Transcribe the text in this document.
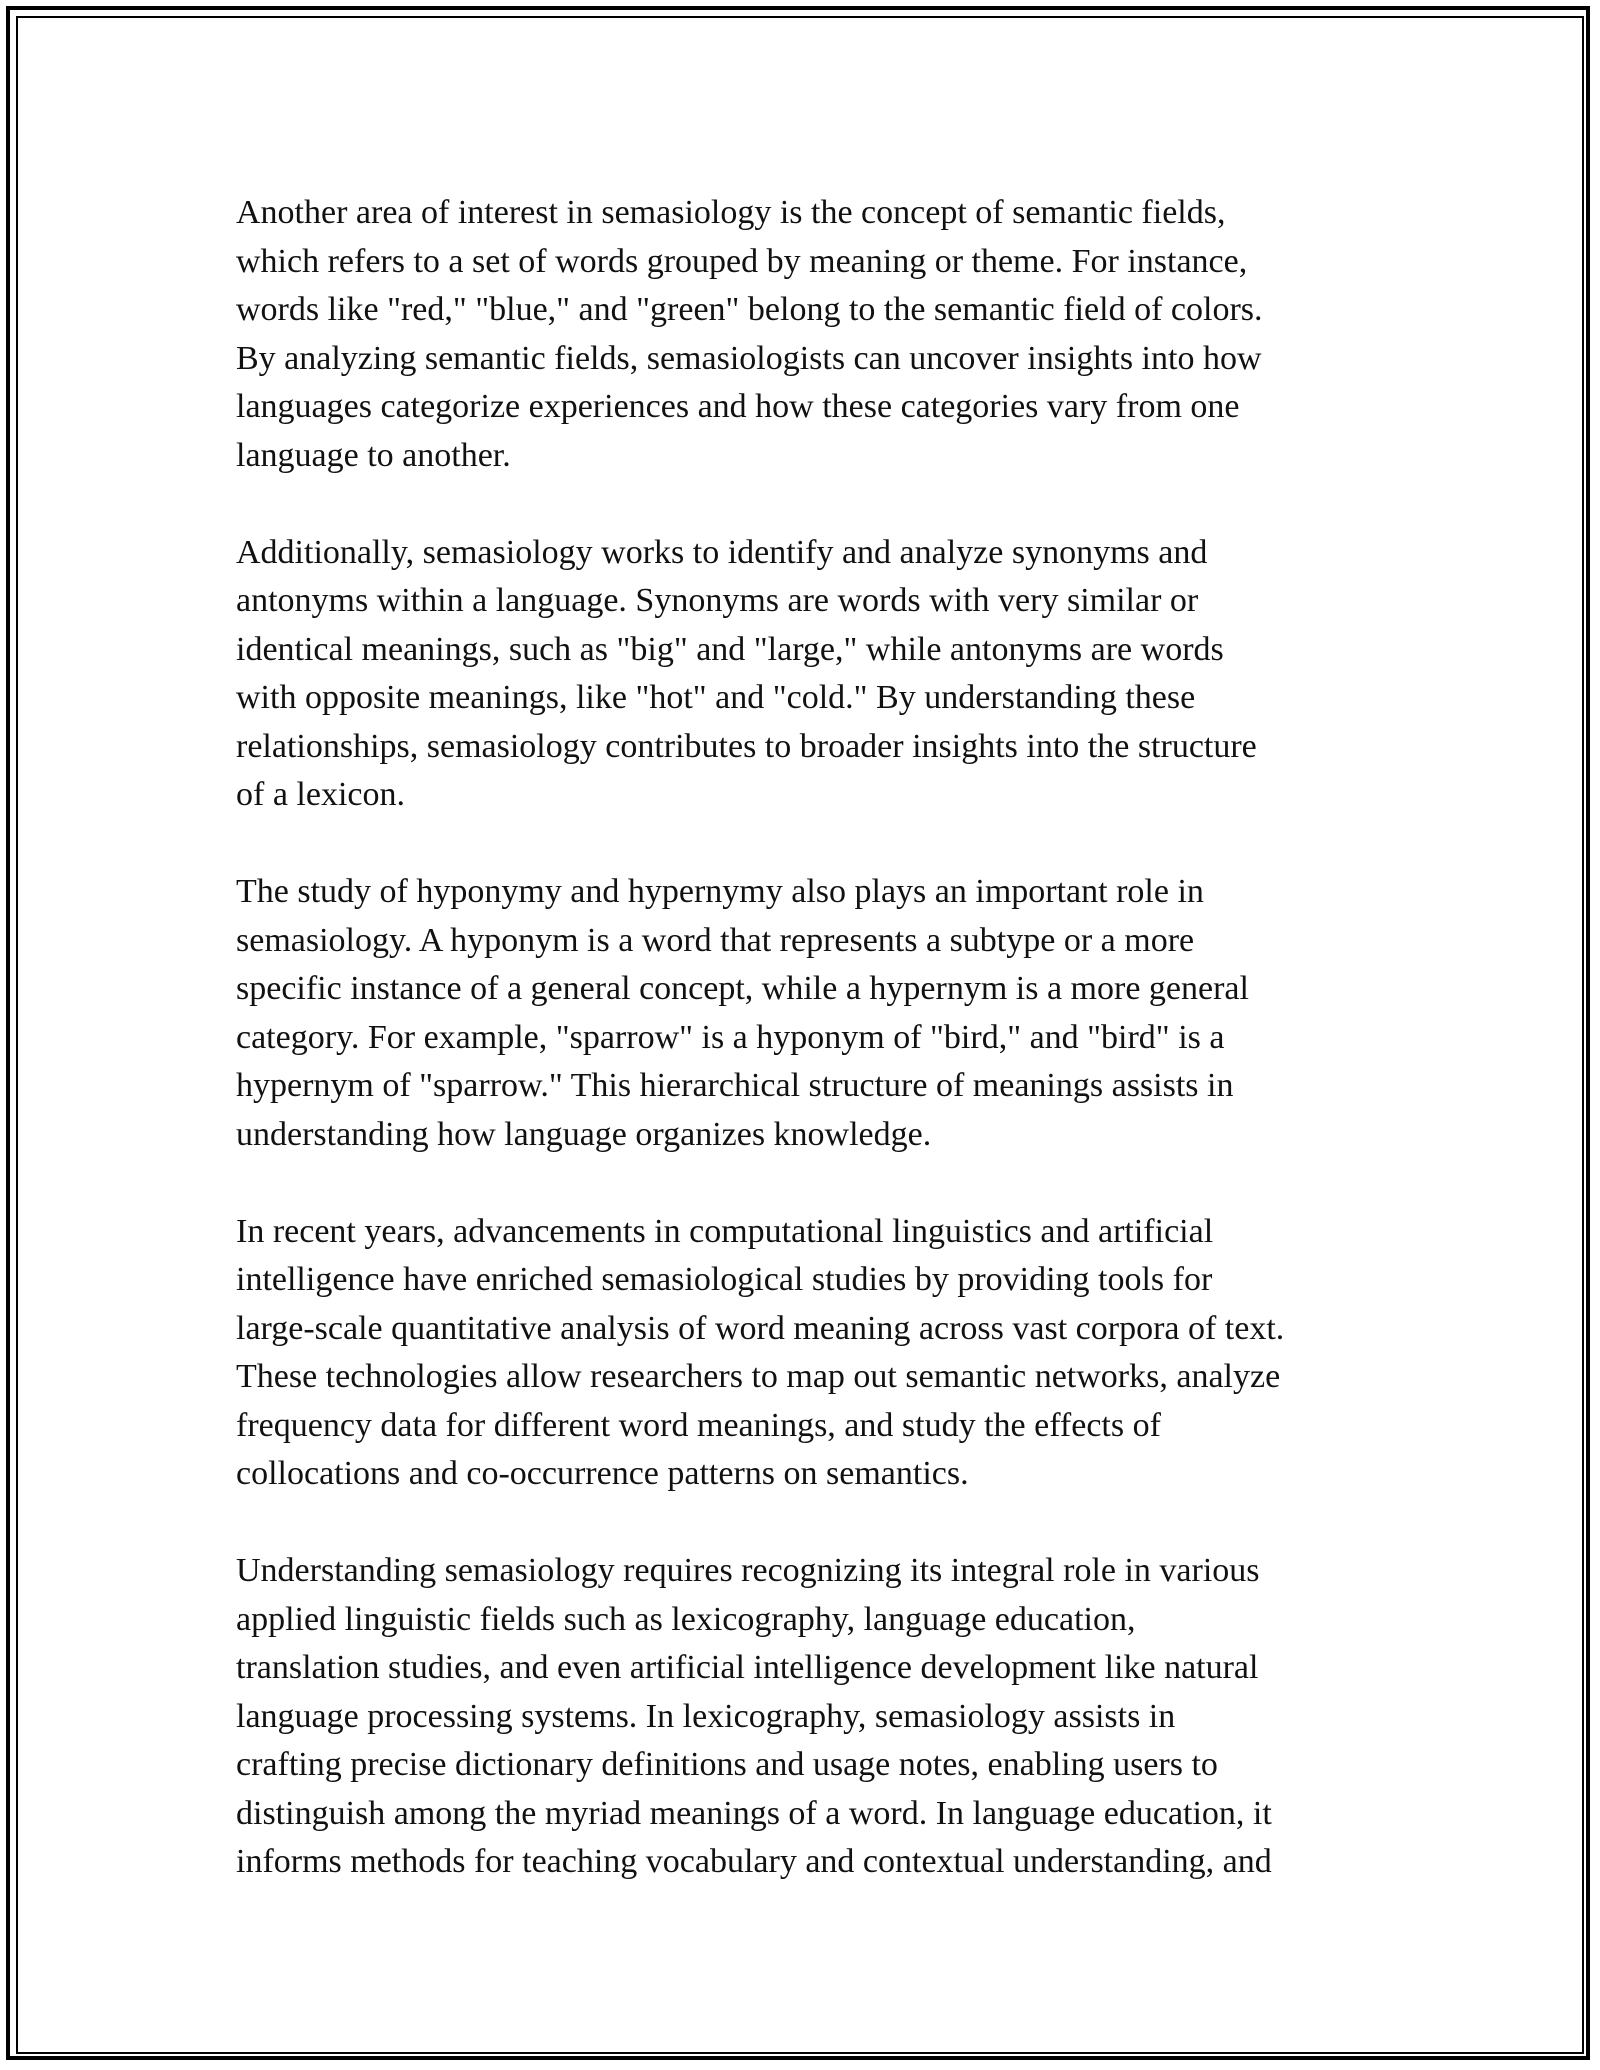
Another area of interest in semasiology is the concept of semantic fields,
which refers to a set of words grouped by meaning or theme. For instance,
words like "red," "blue," and "green" belong to the semantic field of colors.
By analyzing semantic fields, semasiologists can uncover insights into how
languages categorize experiences and how these categories vary from one
language to another.

Additionally, semasiology works to identify and analyze synonyms and
antonyms within a language. Synonyms are words with very similar or
identical meanings, such as "big" and "large," while antonyms are words
with opposite meanings, like "hot" and "cold." By understanding these
relationships, semasiology contributes to broader insights into the structure
of a lexicon.

The study of hyponymy and hypernymy also plays an important role in
semasiology. A hyponym is a word that represents a subtype or a more
specific instance of a general concept, while a hypernym is a more general
category. For example, "sparrow" is a hyponym of "bird," and "bird" is a
hypernym of "sparrow." This hierarchical structure of meanings assists in
understanding how language organizes knowledge.

In recent years, advancements in computational linguistics and artificial
intelligence have enriched semasiological studies by providing tools for
large-scale quantitative analysis of word meaning across vast corpora of text.
These technologies allow researchers to map out semantic networks, analyze
frequency data for different word meanings, and study the effects of
collocations and co-occurrence patterns on semantics.

Understanding semasiology requires recognizing its integral role in various
applied linguistic fields such as lexicography, language education,
translation studies, and even artificial intelligence development like natural
language processing systems. In lexicography, semasiology assists in
crafting precise dictionary definitions and usage notes, enabling users to
distinguish among the myriad meanings of a word. In language education, it
informs methods for teaching vocabulary and contextual understanding, and
